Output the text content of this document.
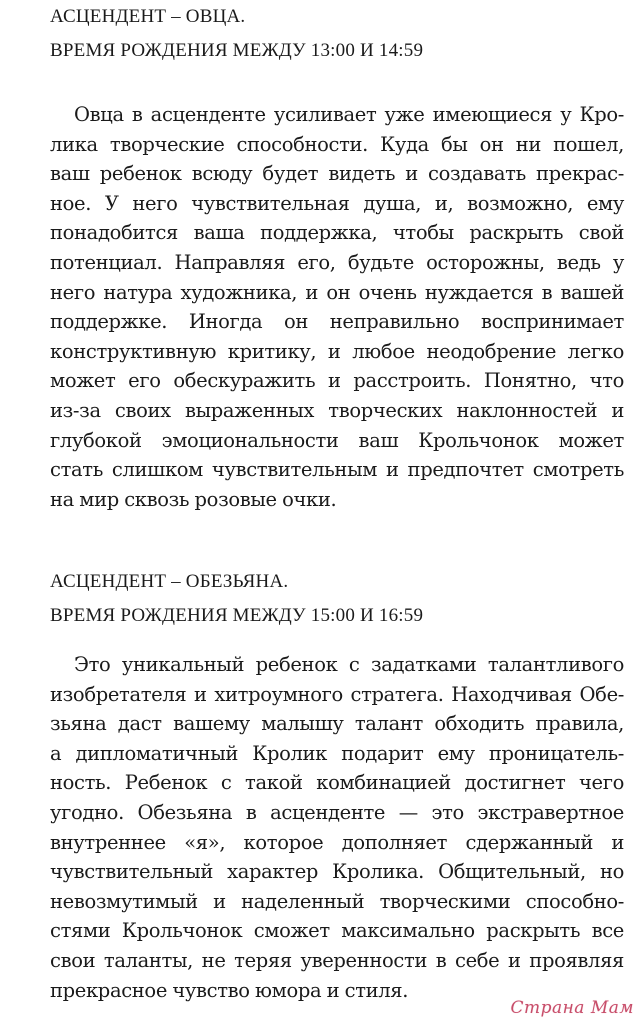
АСЦЕНДЕНТ – ОВЦА.
ВРЕМЯ РОЖДЕНИЯ МЕЖДУ 13:00 И 14:59

Овца в асценденте усиливает уже имеющиеся у Кро-
лика творческие способности. Куда бы он ни пошел,
ваш ребенок всюду будет видеть и создавать прекрас-
ное. У него чувствительная душа, и, возможно, ему
понадобится ваша поддержка, чтобы раскрыть свой
потенциал. Направляя его, будьте осторожны, ведь у
него натура художника, и он очень нуждается в вашей
поддержке. Иногда он неправильно воспринимает
конструктивную критику, и любое неодобрение легко
может его обескуражить и расстроить. Понятно, что
из-за своих выраженных творческих наклонностей и
глубокой эмоциональности ваш Крольчонок может
стать слишком чувствительным и предпочтет смотреть
на мир сквозь розовые очки.

АСЦЕНДЕНТ – ОБЕЗЬЯНА.
ВРЕМЯ РОЖДЕНИЯ МЕЖДУ 15:00 И 16:59

Это уникальный ребенок с задатками талантливого
изобретателя и хитроумного стратега. Находчивая Обе-
зьяна даст вашему малышу талант обходить правила,
а дипломатичный Кролик подарит ему проницатель-
ность. Ребенок с такой комбинацией достигнет чего
угодно. Обезьяна в асценденте — это экстравертное
внутреннее «я», которое дополняет сдержанный и
чувствительный характер Кролика. Общительный, но
невозмутимый и наделенный творческими способно-
стями Крольчонок сможет максимально раскрыть все
свои таланты, не теряя уверенности в себе и проявляя
прекрасное чувство юмора и стиля.

Страна Мам
